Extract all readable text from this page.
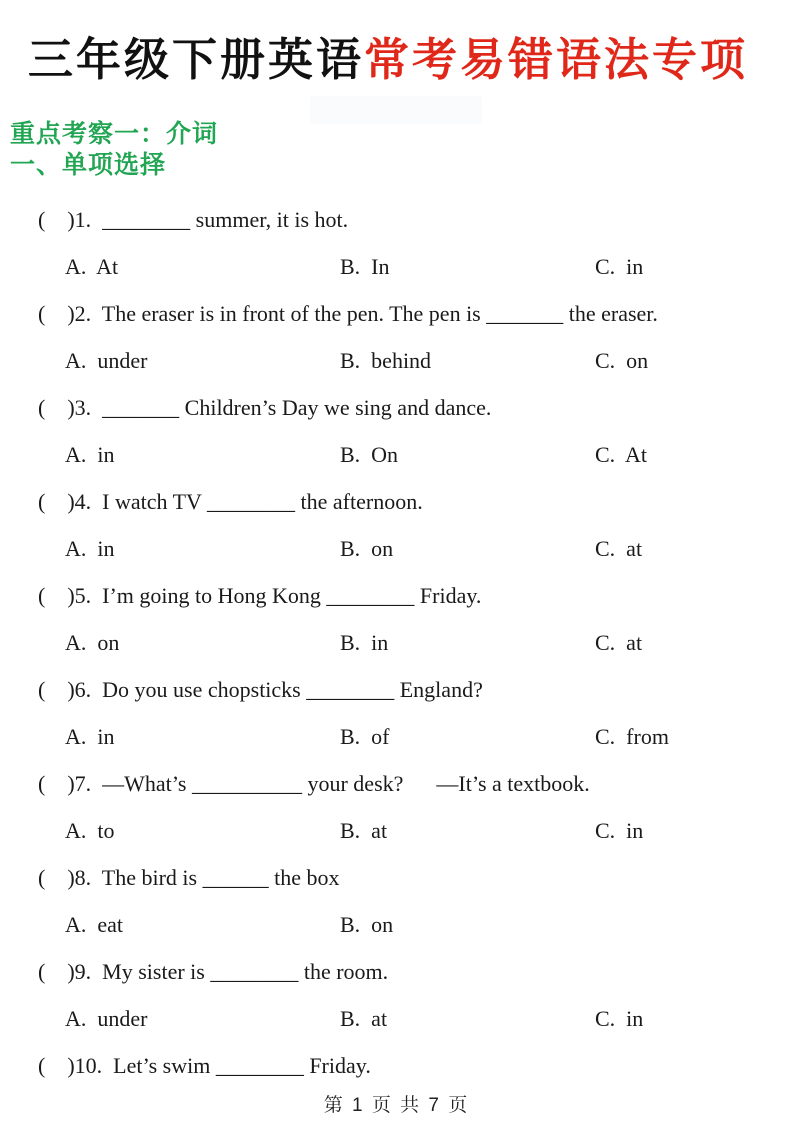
三年级下册英语常考易错语法专项
重点考察一：介词
一、单项选择
(    )1.  ________ summer, it is hot.
A.  At	B.  In	C.  in
(    )2.  The eraser is in front of the pen. The pen is _______ the eraser.
A.  under	B.  behind	C.  on
(    )3.  _______ Children’s Day we sing and dance.
A.  in	B.  On	C.  At
(    )4.  I watch TV ________ the afternoon.
A.  in	B.  on	C.  at
(    )5.  I’m going to Hong Kong ________ Friday.
A.  on	B.  in	C.  at
(    )6.  Do you use chopsticks ________ England?
A.  in	B.  of	C.  from
(    )7.  —What’s __________ your desk?      —It’s a textbook.
A.  to	B.  at	C.  in
(    )8.  The bird is ______ the box
A.  eat	B.  on
(    )9.  My sister is ________ the room.
A.  under	B.  at	C.  in
(    )10.  Let’s swim ________ Friday.
第 1 页 共 7 页
